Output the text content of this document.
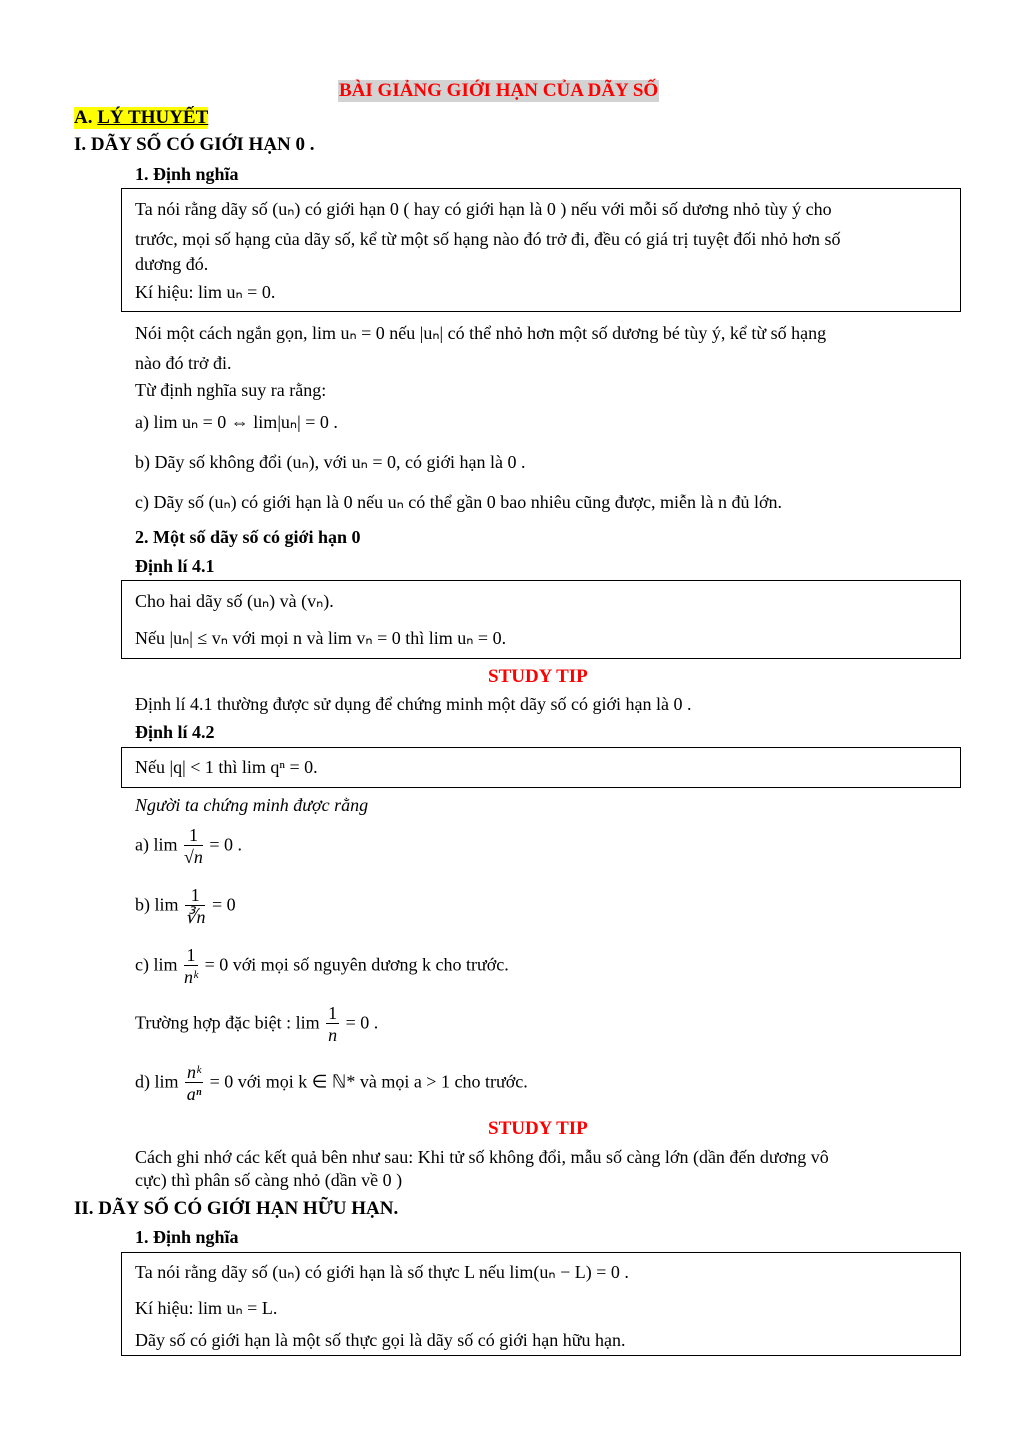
BÀI GIẢNG GIỚI HẠN CỦA DÃY SỐ
A. LÝ THUYẾT
I. DÃY SỐ CÓ GIỚI HẠN 0 .
1. Định nghĩa
Ta nói rằng dãy số (uₙ) có giới hạn 0 ( hay có giới hạn là 0 ) nếu với mỗi số dương nhỏ tùy ý cho
trước, mọi số hạng của dãy số, kể từ một số hạng nào đó trở đi, đều có giá trị tuyệt đối nhỏ hơn số
dương đó.
Kí hiệu: lim uₙ = 0.
Nói một cách ngắn gọn, lim uₙ = 0 nếu |uₙ| có thể nhỏ hơn một số dương bé tùy ý, kể từ số hạng
nào đó trở đi.
Từ định nghĩa suy ra rằng:
a) lim uₙ = 0 ⇔ lim|uₙ| = 0 .
b) Dãy số không đổi (uₙ), với uₙ = 0, có giới hạn là 0 .
c) Dãy số (uₙ) có giới hạn là 0 nếu uₙ có thể gần 0 bao nhiêu cũng được, miễn là n đủ lớn.
2. Một số dãy số có giới hạn 0
Định lí 4.1
Cho hai dãy số (uₙ) và (vₙ).
Nếu |uₙ| ≤ vₙ với mọi n và lim vₙ = 0 thì lim uₙ = 0.
STUDY TIP
Định lí 4.1 thường được sử dụng để chứng minh một dãy số có giới hạn là 0 .
Định lí 4.2
Nếu |q| < 1 thì lim qⁿ = 0.
Người ta chứng minh được rằng
a) $\lim \frac{1}{√n} = 0$ .
b) $\lim \frac{1}{∛n} = 0$
c) $\lim \frac{1}{\text{nᵏ}} = 0$ với mọi số nguyên dương k cho trước.
Trường hợp đặc biệt : $\lim \frac{1}{n} = 0$ .
d) $\lim \frac{\text{nᵏ}}{\text{aⁿ}} = 0$ với mọi k ∈ ℕ* và mọi a > 1 cho trước.
STUDY TIP
Cách ghi nhớ các kết quả bên như sau: Khi tử số không đổi, mẫu số càng lớn (dần đến dương vô
cực) thì phân số càng nhỏ (dần về 0 )
II. DÃY SỐ CÓ GIỚI HẠN HỮU HẠN.
1. Định nghĩa
Ta nói rằng dãy số (uₙ) có giới hạn là số thực L nếu lim(uₙ − L) = 0 .
Kí hiệu: lim uₙ = L.
Dãy số có giới hạn là một số thực gọi là dãy số có giới hạn hữu hạn.
